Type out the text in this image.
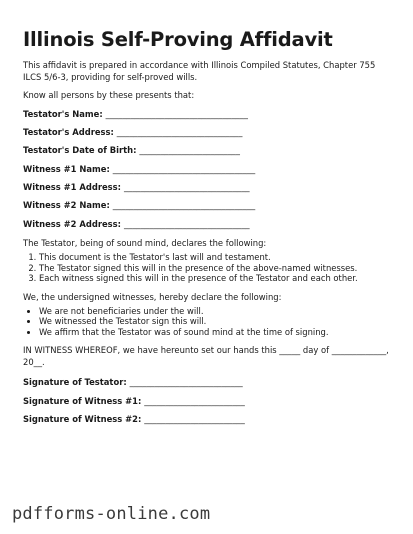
Illinois Self-Proving Affidavit

This affidavit is prepared in accordance with Illinois Compiled Statutes, Chapter 755 ILCS 5/6-3, providing for self-proved wills.

Know all persons by these presents that:

Testator's Name: __________________________________
Testator's Address: ______________________________
Testator's Date of Birth: ________________________
Witness #1 Name: __________________________________
Witness #1 Address: ______________________________
Witness #2 Name: __________________________________
Witness #2 Address: ______________________________

The Testator, being of sound mind, declares the following:

1. This document is the Testator's last will and testament.
2. The Testator signed this will in the presence of the above-named witnesses.
3. Each witness signed this will in the presence of the Testator and each other.

We, the undersigned witnesses, hereby declare the following:

• We are not beneficiaries under the will.
• We witnessed the Testator sign this will.
• We affirm that the Testator was of sound mind at the time of signing.

IN WITNESS WHEREOF, we have hereunto set our hands this _____ day of _____________, 20__.

Signature of Testator: ___________________________
Signature of Witness #1: ________________________
Signature of Witness #2: ________________________
pdfforms-online.com
